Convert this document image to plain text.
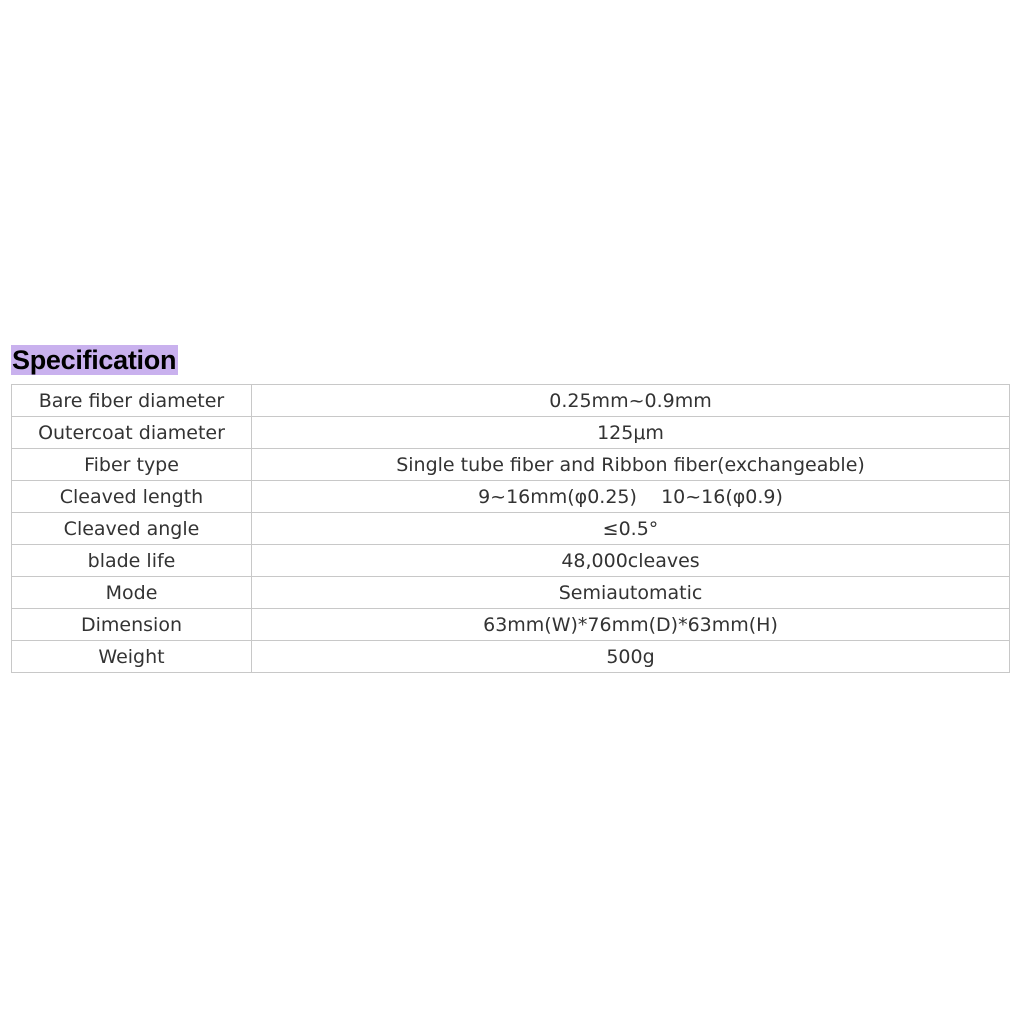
Specification
Bare fiber diameter	0.25mm~0.9mm
Outercoat diameter	125μm
Fiber type	Single tube fiber and Ribbon fiber(exchangeable)
Cleaved length	9~16mm(φ0.25)    10~16(φ0.9)
Cleaved angle	≤0.5°
blade life	48,000cleaves
Mode	Semiautomatic
Dimension	63mm(W)*76mm(D)*63mm(H)
Weight	500g
